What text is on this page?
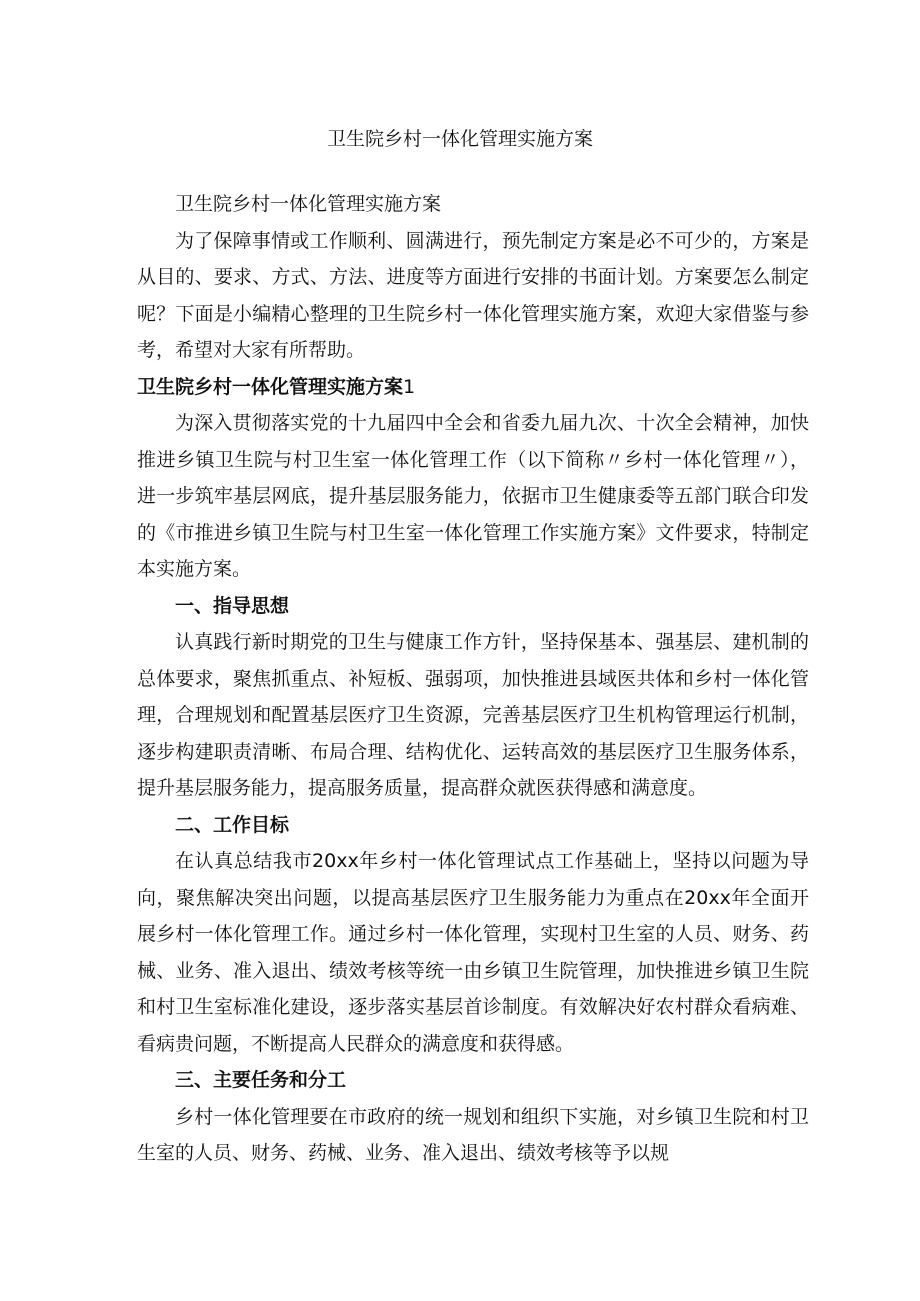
卫生院乡村一体化管理实施方案

卫生院乡村一体化管理实施方案

为了保障事情或工作顺利、圆满进行，预先制定方案是必不可少的，方案是从目的、要求、方式、方法、进度等方面进行安排的书面计划。方案要怎么制定呢？下面是小编精心整理的卫生院乡村一体化管理实施方案，欢迎大家借鉴与参考，希望对大家有所帮助。

卫生院乡村一体化管理实施方案1

为深入贯彻落实党的十九届四中全会和省委九届九次、十次全会精神，加快推进乡镇卫生院与村卫生室一体化管理工作（以下简称〃乡村一体化管理〃），进一步筑牢基层网底，提升基层服务能力，依据市卫生健康委等五部门联合印发的《市推进乡镇卫生院与村卫生室一体化管理工作实施方案》文件要求，特制定本实施方案。

一、指导思想

认真践行新时期党的卫生与健康工作方针，坚持保基本、强基层、建机制的总体要求，聚焦抓重点、补短板、强弱项，加快推进县域医共体和乡村一体化管理，合理规划和配置基层医疗卫生资源，完善基层医疗卫生机构管理运行机制，逐步构建职责清晰、布局合理、结构优化、运转高效的基层医疗卫生服务体系，提升基层服务能力，提高服务质量，提高群众就医获得感和满意度。

二、工作目标

在认真总结我市20xx年乡村一体化管理试点工作基础上，坚持以问题为导向，聚焦解决突出问题，以提高基层医疗卫生服务能力为重点在20xx年全面开展乡村一体化管理工作。通过乡村一体化管理，实现村卫生室的人员、财务、药械、业务、准入退出、绩效考核等统一由乡镇卫生院管理，加快推进乡镇卫生院和村卫生室标准化建设，逐步落实基层首诊制度。有效解决好农村群众看病难、看病贵问题，不断提高人民群众的满意度和获得感。

三、主要任务和分工

乡村一体化管理要在市政府的统一规划和组织下实施，对乡镇卫生院和村卫生室的人员、财务、药械、业务、准入退出、绩效考核等予以规
